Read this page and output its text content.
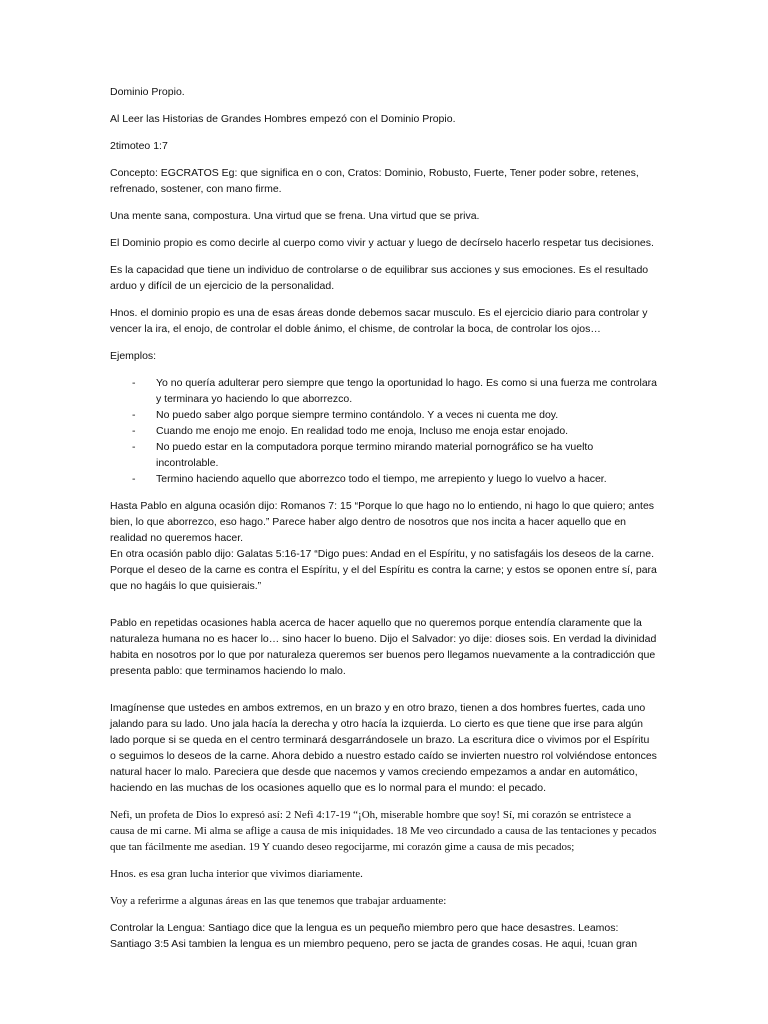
Dominio Propio.

Al Leer las Historias de Grandes Hombres empezó con el Dominio Propio.

2timoteo 1:7

Concepto: EGCRATOS Eg: que significa en o con, Cratos: Dominio, Robusto, Fuerte, Tener poder sobre, retenes, refrenado, sostener, con mano firme.

Una mente sana, compostura. Una virtud que se frena. Una virtud que se priva.

El Dominio propio es como decirle al cuerpo como vivir y actuar y luego de decírselo hacerlo respetar tus decisiones.

Es la capacidad que tiene un individuo de controlarse o de equilibrar sus acciones y sus emociones. Es el resultado arduo y difícil de un ejercicio de la personalidad.

Hnos. el dominio propio es una de esas áreas donde debemos sacar musculo. Es el ejercicio diario para controlar y vencer la ira, el enojo, de controlar el doble ánimo, el chisme, de controlar la boca, de controlar los ojos…

Ejemplos:

- Yo no quería adulterar pero siempre que tengo la oportunidad lo hago. Es como si una fuerza me controlara y terminara yo haciendo lo que aborrezco.
- No puedo saber algo porque siempre termino contándolo. Y a veces ni cuenta me doy.
- Cuando me enojo me enojo. En realidad todo me enoja, Incluso me enoja estar enojado.
- No puedo estar en la computadora porque termino mirando material pornográfico se ha vuelto incontrolable.
- Termino haciendo aquello que aborrezco todo el tiempo, me arrepiento y luego lo vuelvo a hacer.

Hasta Pablo en alguna ocasión dijo: Romanos 7: 15 “Porque lo que hago no lo entiendo, ni hago lo que quiero; antes bien, lo que aborrezco, eso hago.” Parece haber algo dentro de nosotros que nos incita a hacer aquello que en realidad no queremos hacer.

En otra ocasión pablo dijo: Galatas 5:16-17 “Digo pues: Andad en el Espíritu, y no satisfagáis los deseos de la carne. Porque el deseo de la carne es contra el Espíritu, y el del Espíritu es contra la carne; y estos se oponen entre sí, para que no hagáis lo que quisierais.”

Pablo en repetidas ocasiones habla acerca de hacer aquello que no queremos porque entendía claramente que la naturaleza humana no es hacer lo… sino hacer lo bueno. Dijo el Salvador: yo dije: dioses sois. En verdad la divinidad habita en nosotros por lo que por naturaleza queremos ser buenos pero llegamos nuevamente a la contradicción que presenta pablo: que terminamos haciendo lo malo.

Imagínense que ustedes en ambos extremos, en un brazo y en otro brazo, tienen a dos hombres fuertes, cada uno jalando para su lado. Uno jala hacía la derecha y otro hacía la izquierda. Lo cierto es que tiene que irse para algún lado porque si se queda en el centro terminará desgarrándosele un brazo. La escritura dice o vivimos por el Espíritu o seguimos lo deseos de la carne. Ahora debido a nuestro estado caído se invierten nuestro rol volviéndose entonces natural hacer lo malo. Pareciera que desde que nacemos y vamos creciendo empezamos a andar en automático, haciendo en las muchas de los ocasiones aquello que es lo normal para el mundo: el pecado.

Nefi, un profeta de Dios lo expresó así: 2 Nefi 4:17-19 “¡Oh, miserable hombre que soy! Sí, mi corazón se entristece a causa de mi carne. Mi alma se aflige a causa de mis iniquidades. 18 Me veo circundado a causa de las tentaciones y pecados que tan fácilmente me asedian. 19 Y cuando deseo regocijarme, mi corazón gime a causa de mis pecados;

Hnos. es esa gran lucha interior que vivimos diariamente.

Voy a referirme a algunas áreas en las que tenemos que trabajar arduamente:

Controlar la Lengua: Santiago dice que la lengua es un pequeño miembro pero que hace desastres. Leamos: Santiago 3:5 Asi tambien la lengua es un miembro pequeno, pero se jacta de grandes cosas. He aqui, !cuan gran
